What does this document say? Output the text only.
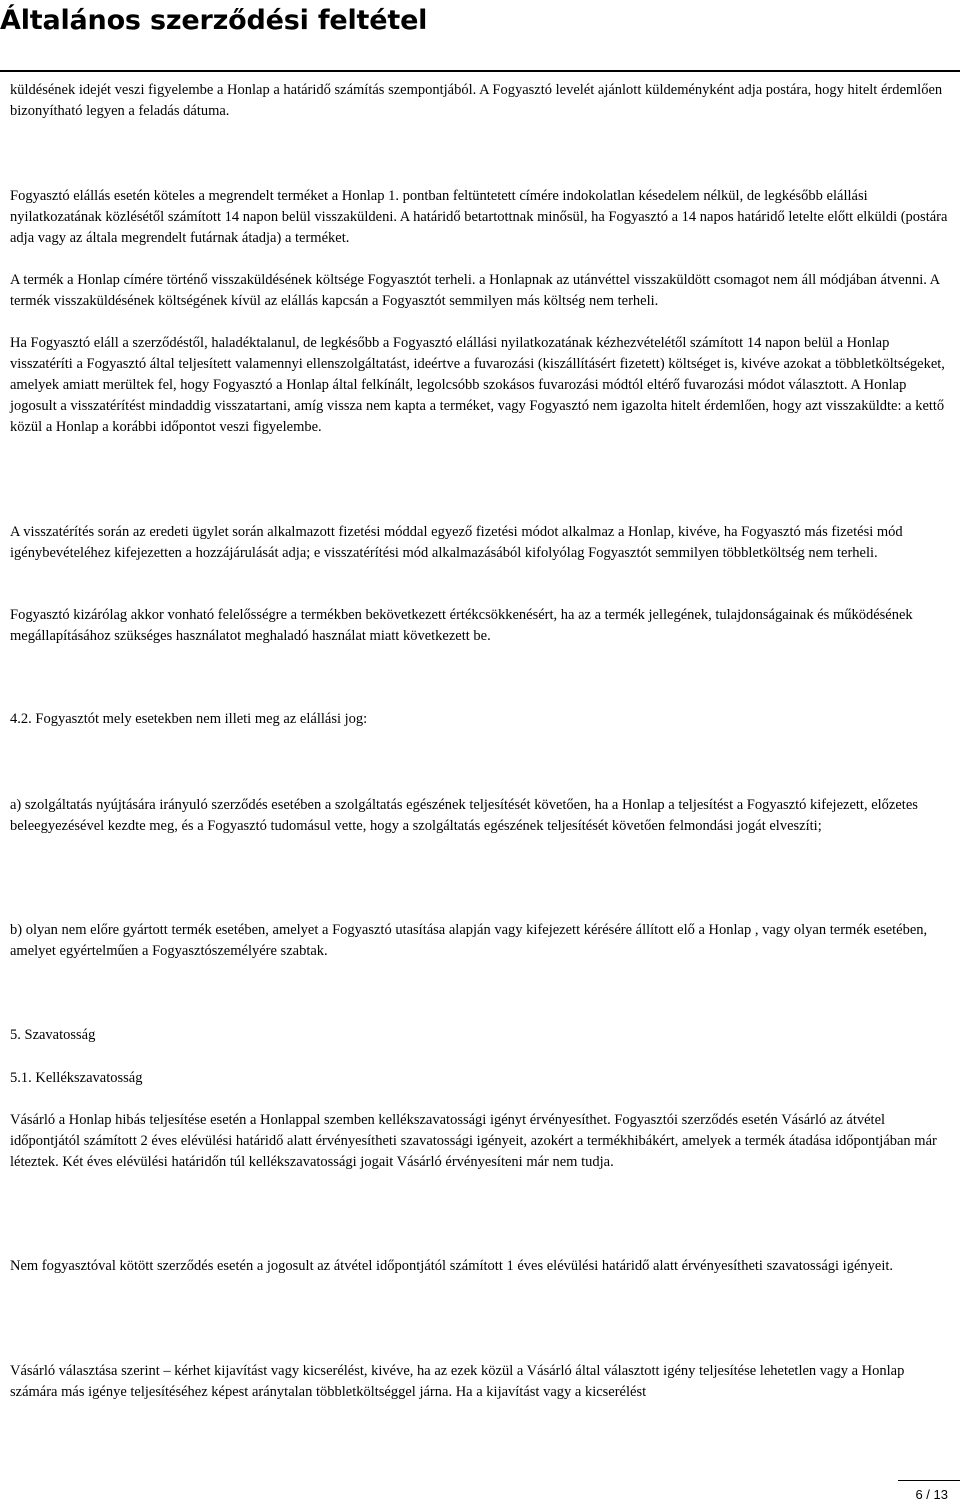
Általános szerződési feltétel

küldésének idejét veszi figyelembe a Honlap a határidő számítás szempontjából. A Fogyasztó levelét ajánlott küldeményként adja postára, hogy hitelt érdemlően bizonyítható legyen a feladás dátuma.

Fogyasztó elállás esetén köteles a megrendelt terméket a Honlap 1. pontban feltüntetett címére indokolatlan késedelem nélkül, de legkésőbb elállási nyilatkozatának közlésétől számított 14 napon belül visszaküldeni. A határidő betartottnak minősül, ha Fogyasztó a 14 napos határidő letelte előtt elküldi (postára adja vagy az általa megrendelt futárnak átadja) a terméket.

A termék a Honlap címére történő visszaküldésének költsége Fogyasztót terheli. a Honlapnak az utánvéttel visszaküldött csomagot nem áll módjában átvenni. A termék visszaküldésének költségének kívül az elállás kapcsán a Fogyasztót semmilyen más költség nem terheli.

Ha Fogyasztó eláll a szerződéstől, haladéktalanul, de legkésőbb a Fogyasztó elállási nyilatkozatának kézhezvételétől számított 14 napon belül a Honlap visszatéríti a Fogyasztó által teljesített valamennyi ellenszolgáltatást, ideértve a fuvarozási (kiszállításért fizetett) költséget is, kivéve azokat a többletköltségeket, amelyek amiatt merültek fel, hogy Fogyasztó a Honlap által felkínált, legolcsóbb szokásos fuvarozási módtól eltérő fuvarozási módot választott. A Honlap jogosult a visszatérítést mindaddig visszatartani, amíg vissza nem kapta a terméket, vagy Fogyasztó nem igazolta hitelt érdemlően, hogy azt visszaküldte: a kettő közül a Honlap a korábbi időpontot veszi figyelembe.

A visszatérítés során az eredeti ügylet során alkalmazott fizetési móddal egyező fizetési módot alkalmaz a Honlap, kivéve, ha Fogyasztó más fizetési mód igénybevételéhez kifejezetten a hozzájárulását adja; e visszatérítési mód alkalmazásából kifolyólag Fogyasztót semmilyen többletköltség nem terheli.

Fogyasztó kizárólag akkor vonható felelősségre a termékben bekövetkezett értékcsökkenésért, ha az a termék jellegének, tulajdonságainak és működésének megállapításához szükséges használatot meghaladó használat miatt következett be.

4.2. Fogyasztót mely esetekben nem illeti meg az elállási jog:

a) szolgáltatás nyújtására irányuló szerződés esetében a szolgáltatás egészének teljesítését követően, ha a Honlap a teljesítést a Fogyasztó kifejezett, előzetes beleegyezésével kezdte meg, és a Fogyasztó tudomásul vette, hogy a szolgáltatás egészének teljesítését követően felmondási jogát elveszíti;

b) olyan nem előre gyártott termék esetében, amelyet a Fogyasztó utasítása alapján vagy kifejezett kérésére állított elő a Honlap , vagy olyan termék esetében, amelyet egyértelműen a Fogyasztószemélyére szabtak.

5. Szavatosság

5.1. Kellékszavatosság

Vásárló a Honlap hibás teljesítése esetén a Honlappal szemben kellékszavatossági igényt érvényesíthet. Fogyasztói szerződés esetén Vásárló az átvétel időpontjától számított 2 éves elévülési határidő alatt érvényesítheti szavatossági igényeit, azokért a termékhibákért, amelyek a termék átadása időpontjában már léteztek. Két éves elévülési határidőn túl kellékszavatossági jogait Vásárló érvényesíteni már nem tudja.

Nem fogyasztóval kötött szerződés esetén a jogosult az átvétel időpontjától számított 1 éves elévülési határidő alatt érvényesítheti szavatossági igényeit.

Vásárló választása szerint – kérhet kijavítást vagy kicserélést, kivéve, ha az ezek közül a Vásárló által választott igény teljesítése lehetetlen vagy a Honlap számára más igénye teljesítéséhez képest aránytalan többletköltséggel járna. Ha a kijavítást vagy a kicserélést

6 / 13
